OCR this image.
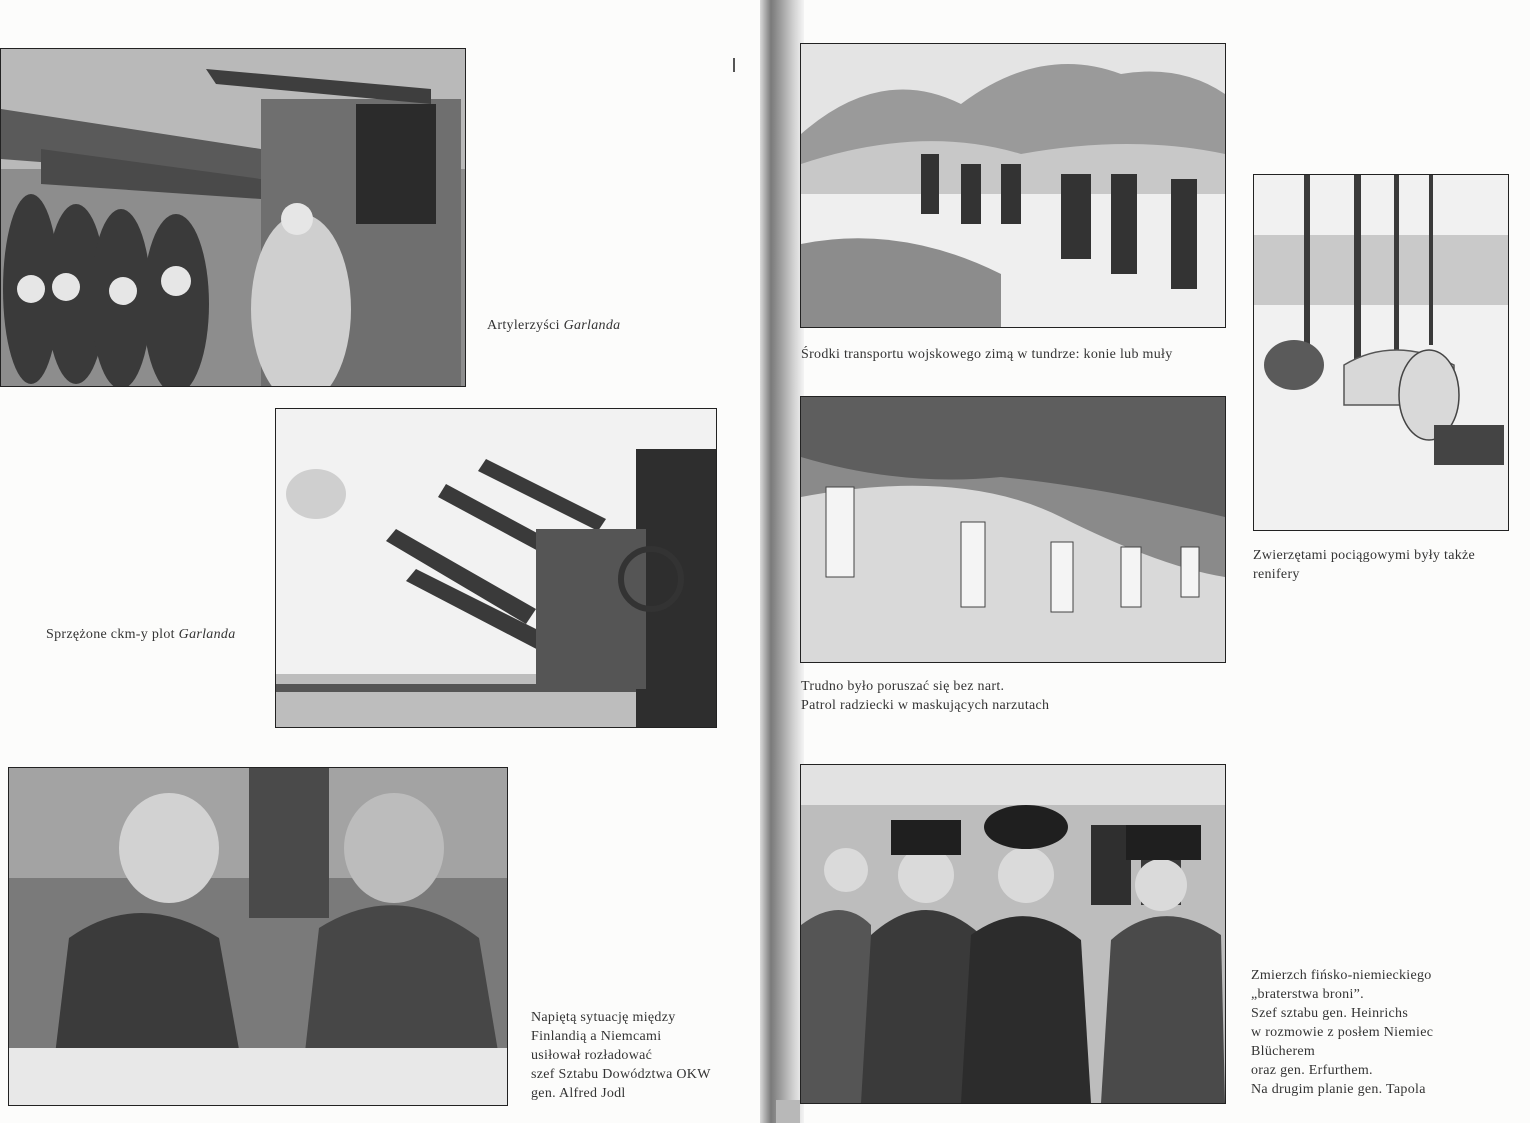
Artylerzyści Garlanda
Sprzężone ckm-y plot Garlanda
Napiętą sytuację między
Finlandią a Niemcami
usiłował rozładować
szef Sztabu Dowództwa OKW
gen. Alfred Jodl
Środki transportu wojskowego zimą w tundrze: konie lub muły
Trudno było poruszać się bez nart.
Patrol radziecki w maskujących narzutach
Zwierzętami pociągowymi były także
renifery
Zmierzch fińsko-niemieckiego
„braterstwa broni”.
Szef sztabu gen. Heinrichs
w rozmowie z posłem Niemiec
Blücherem
oraz gen. Erfurthem.
Na drugim planie gen. Tapola
